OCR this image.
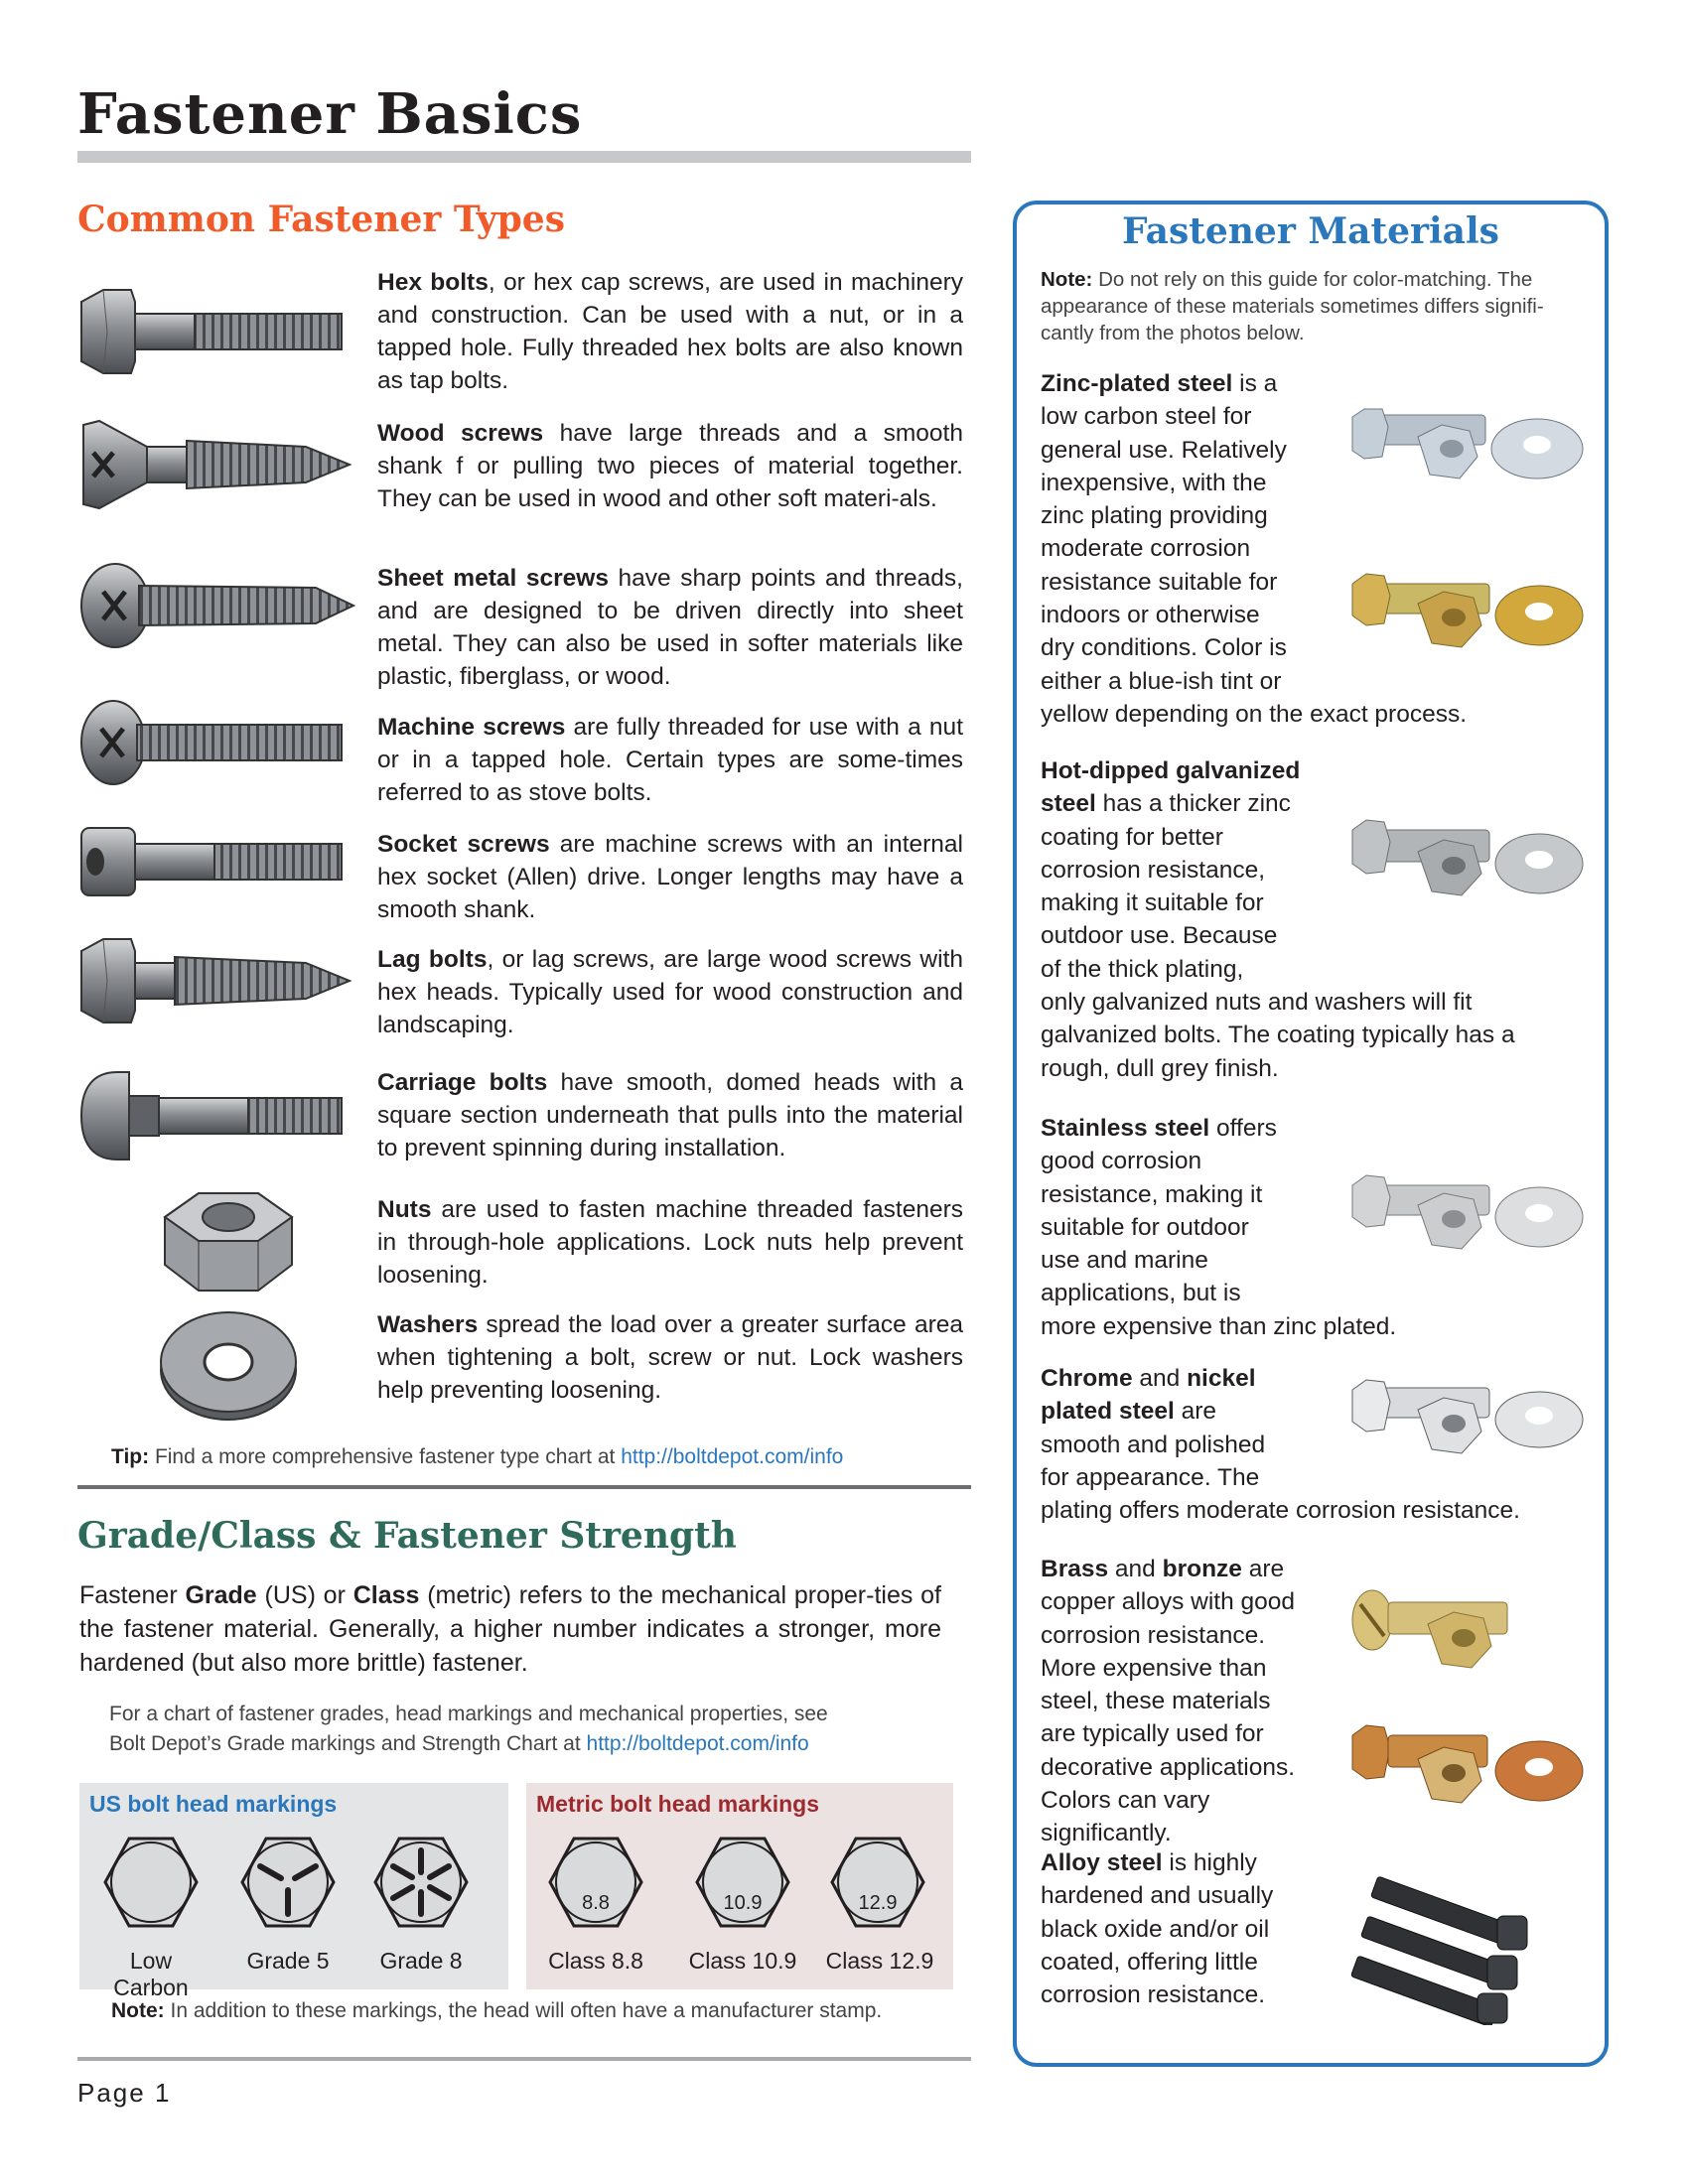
Fastener Basics
Common Fastener Types
Hex bolts, or hex cap screws, are used in machinery and construction. Can be used with a nut, or in a tapped hole. Fully threaded hex bolts are also known as tap bolts.
Wood screws have large threads and a smooth shank f or pulling two pieces of material together. They can be used in wood and other soft materi-als.
Sheet metal screws have sharp points and threads, and are designed to be driven directly into sheet metal. They can also be used in softer materials like plastic, fiberglass, or wood.
Machine screws are fully threaded for use with a nut or in a tapped hole. Certain types are some-times referred to as stove bolts.
Socket screws are machine screws with an internal hex socket (Allen) drive. Longer lengths may have a smooth shank.
Lag bolts, or lag screws, are large wood screws with hex heads. Typically used for wood construction and landscaping.
Carriage bolts have smooth, domed heads with a square section underneath that pulls into the material to prevent spinning during installation.
Nuts are used to fasten machine threaded fasteners in through-hole applications. Lock nuts help prevent loosening.
Washers spread the load over a greater surface area when tightening a bolt, screw or nut. Lock washers help preventing loosening.
Tip: Find a more comprehensive fastener type chart at http://boltdepot.com/info
Grade/Class & Fastener Strength
Fastener Grade (US) or Class (metric) refers to the mechanical proper-ties of the fastener material. Generally, a higher number indicates a stronger, more hardened (but also more brittle) fastener.
For a chart of fastener grades, head markings and mechanical properties, see
Bolt Depot’s Grade markings and Strength Chart at http://boltdepot.com/info
US bolt head markings
Low Carbon
Grade 5	Grade 8
Metric bolt head markings
8.8	10.9	12.9
Class 8.8	Class 10.9 Class 12.9
Note: In addition to these markings, the head will often have a manufacturer stamp.
Page 1
Fastener Materials
Note: Do not rely on this guide for color-matching. The appearance of these materials sometimes differs signifi-cantly from the photos below.
Zinc-plated steel is a
low carbon steel for
general use. Relatively
inexpensive, with the
zinc plating providing
moderate corrosion
resistance suitable for
indoors or otherwise
dry conditions. Color is
either a blue-ish tint or
yellow depending on the exact process.
Hot-dipped galvanized
steel has a thicker zinc
coating for better
corrosion resistance,
making it suitable for
outdoor use. Because
of the thick plating,
only galvanized nuts and washers will fit
galvanized bolts. The coating typically has a
rough, dull grey finish.
Stainless steel offers
good corrosion
resistance, making it
suitable for outdoor
use and marine
applications, but is
more expensive than zinc plated.
Chrome and nickel
plated steel are
smooth and polished
for appearance. The
plating offers moderate corrosion resistance.
Brass and bronze are
copper alloys with good
corrosion resistance.
More expensive than
steel, these materials
are typically used for
decorative applications.
Colors can vary
significantly.
Alloy steel is highly
hardened and usually
black oxide and/or oil
coated, offering little
corrosion resistance.
